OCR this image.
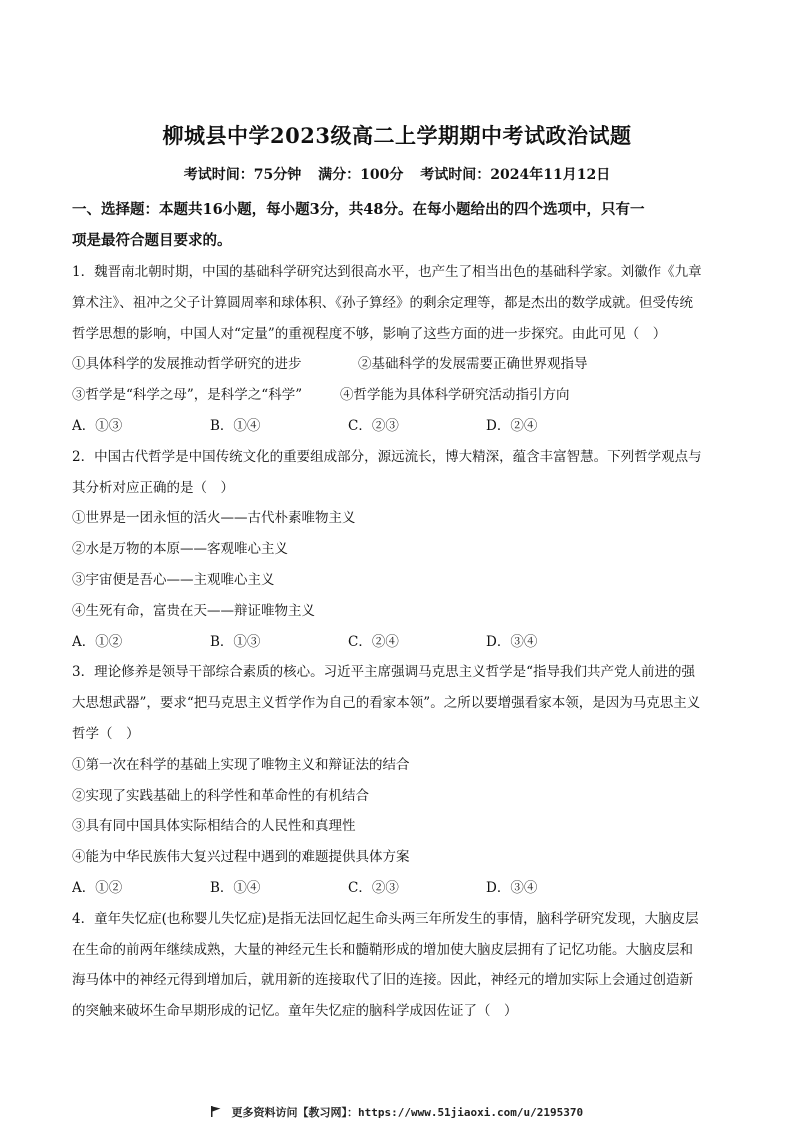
柳城县中学2023级高二上学期期中考试政治试题
考试时间：75分钟 满分：100分 考试时间：2024年11月12日
一、选择题：本题共16小题，每小题3分，共48分。在每小题给出的四个选项中，只有一
项是最符合题目要求的。
1．魏晋南北朝时期，中国的基础科学研究达到很高水平，也产生了相当出色的基础科学家。刘徽作《九章
算术注》、祖冲之父子计算圆周率和球体积、《孙子算经》的剩余定理等，都是杰出的数学成就。但受传统
哲学思想的影响，中国人对“定量”的重视程度不够，影响了这些方面的进一步探究。由此可见（　）
①具体科学的发展推动哲学研究的进步	②基础科学的发展需要正确世界观指导
③哲学是“科学之母”，是科学之“科学”	④哲学能为具体科学研究活动指引方向
A．①③	B．①④	C．②③	D．②④
2．中国古代哲学是中国传统文化的重要组成部分，源远流长，博大精深，蕴含丰富智慧。下列哲学观点与
其分析对应正确的是（　）
①世界是一团永恒的活火——古代朴素唯物主义
②水是万物的本原——客观唯心主义
③宇宙便是吾心——主观唯心主义
④生死有命，富贵在天——辩证唯物主义
A．①②	B．①③	C．②④	D．③④
3．理论修养是领导干部综合素质的核心。习近平主席强调马克思主义哲学是“指导我们共产党人前进的强
大思想武器”，要求“把马克思主义哲学作为自己的看家本领”。之所以要增强看家本领，是因为马克思主义
哲学（　）
①第一次在科学的基础上实现了唯物主义和辩证法的结合
②实现了实践基础上的科学性和革命性的有机结合
③具有同中国具体实际相结合的人民性和真理性
④能为中华民族伟大复兴过程中遇到的难题提供具体方案
A．①②	B．①④	C．②③	D．③④
4．童年失忆症(也称婴儿失忆症)是指无法回忆起生命头两三年所发生的事情，脑科学研究发现，大脑皮层
在生命的前两年继续成熟，大量的神经元生长和髓鞘形成的增加使大脑皮层拥有了记忆功能。大脑皮层和
海马体中的神经元得到增加后，就用新的连接取代了旧的连接。因此，神经元的增加实际上会通过创造新
的突触来破坏生命早期形成的记忆。童年失忆症的脑科学成因佐证了（　）
更多资料访问【教习网】：https://www.51jiaoxi.com/u/2195370
